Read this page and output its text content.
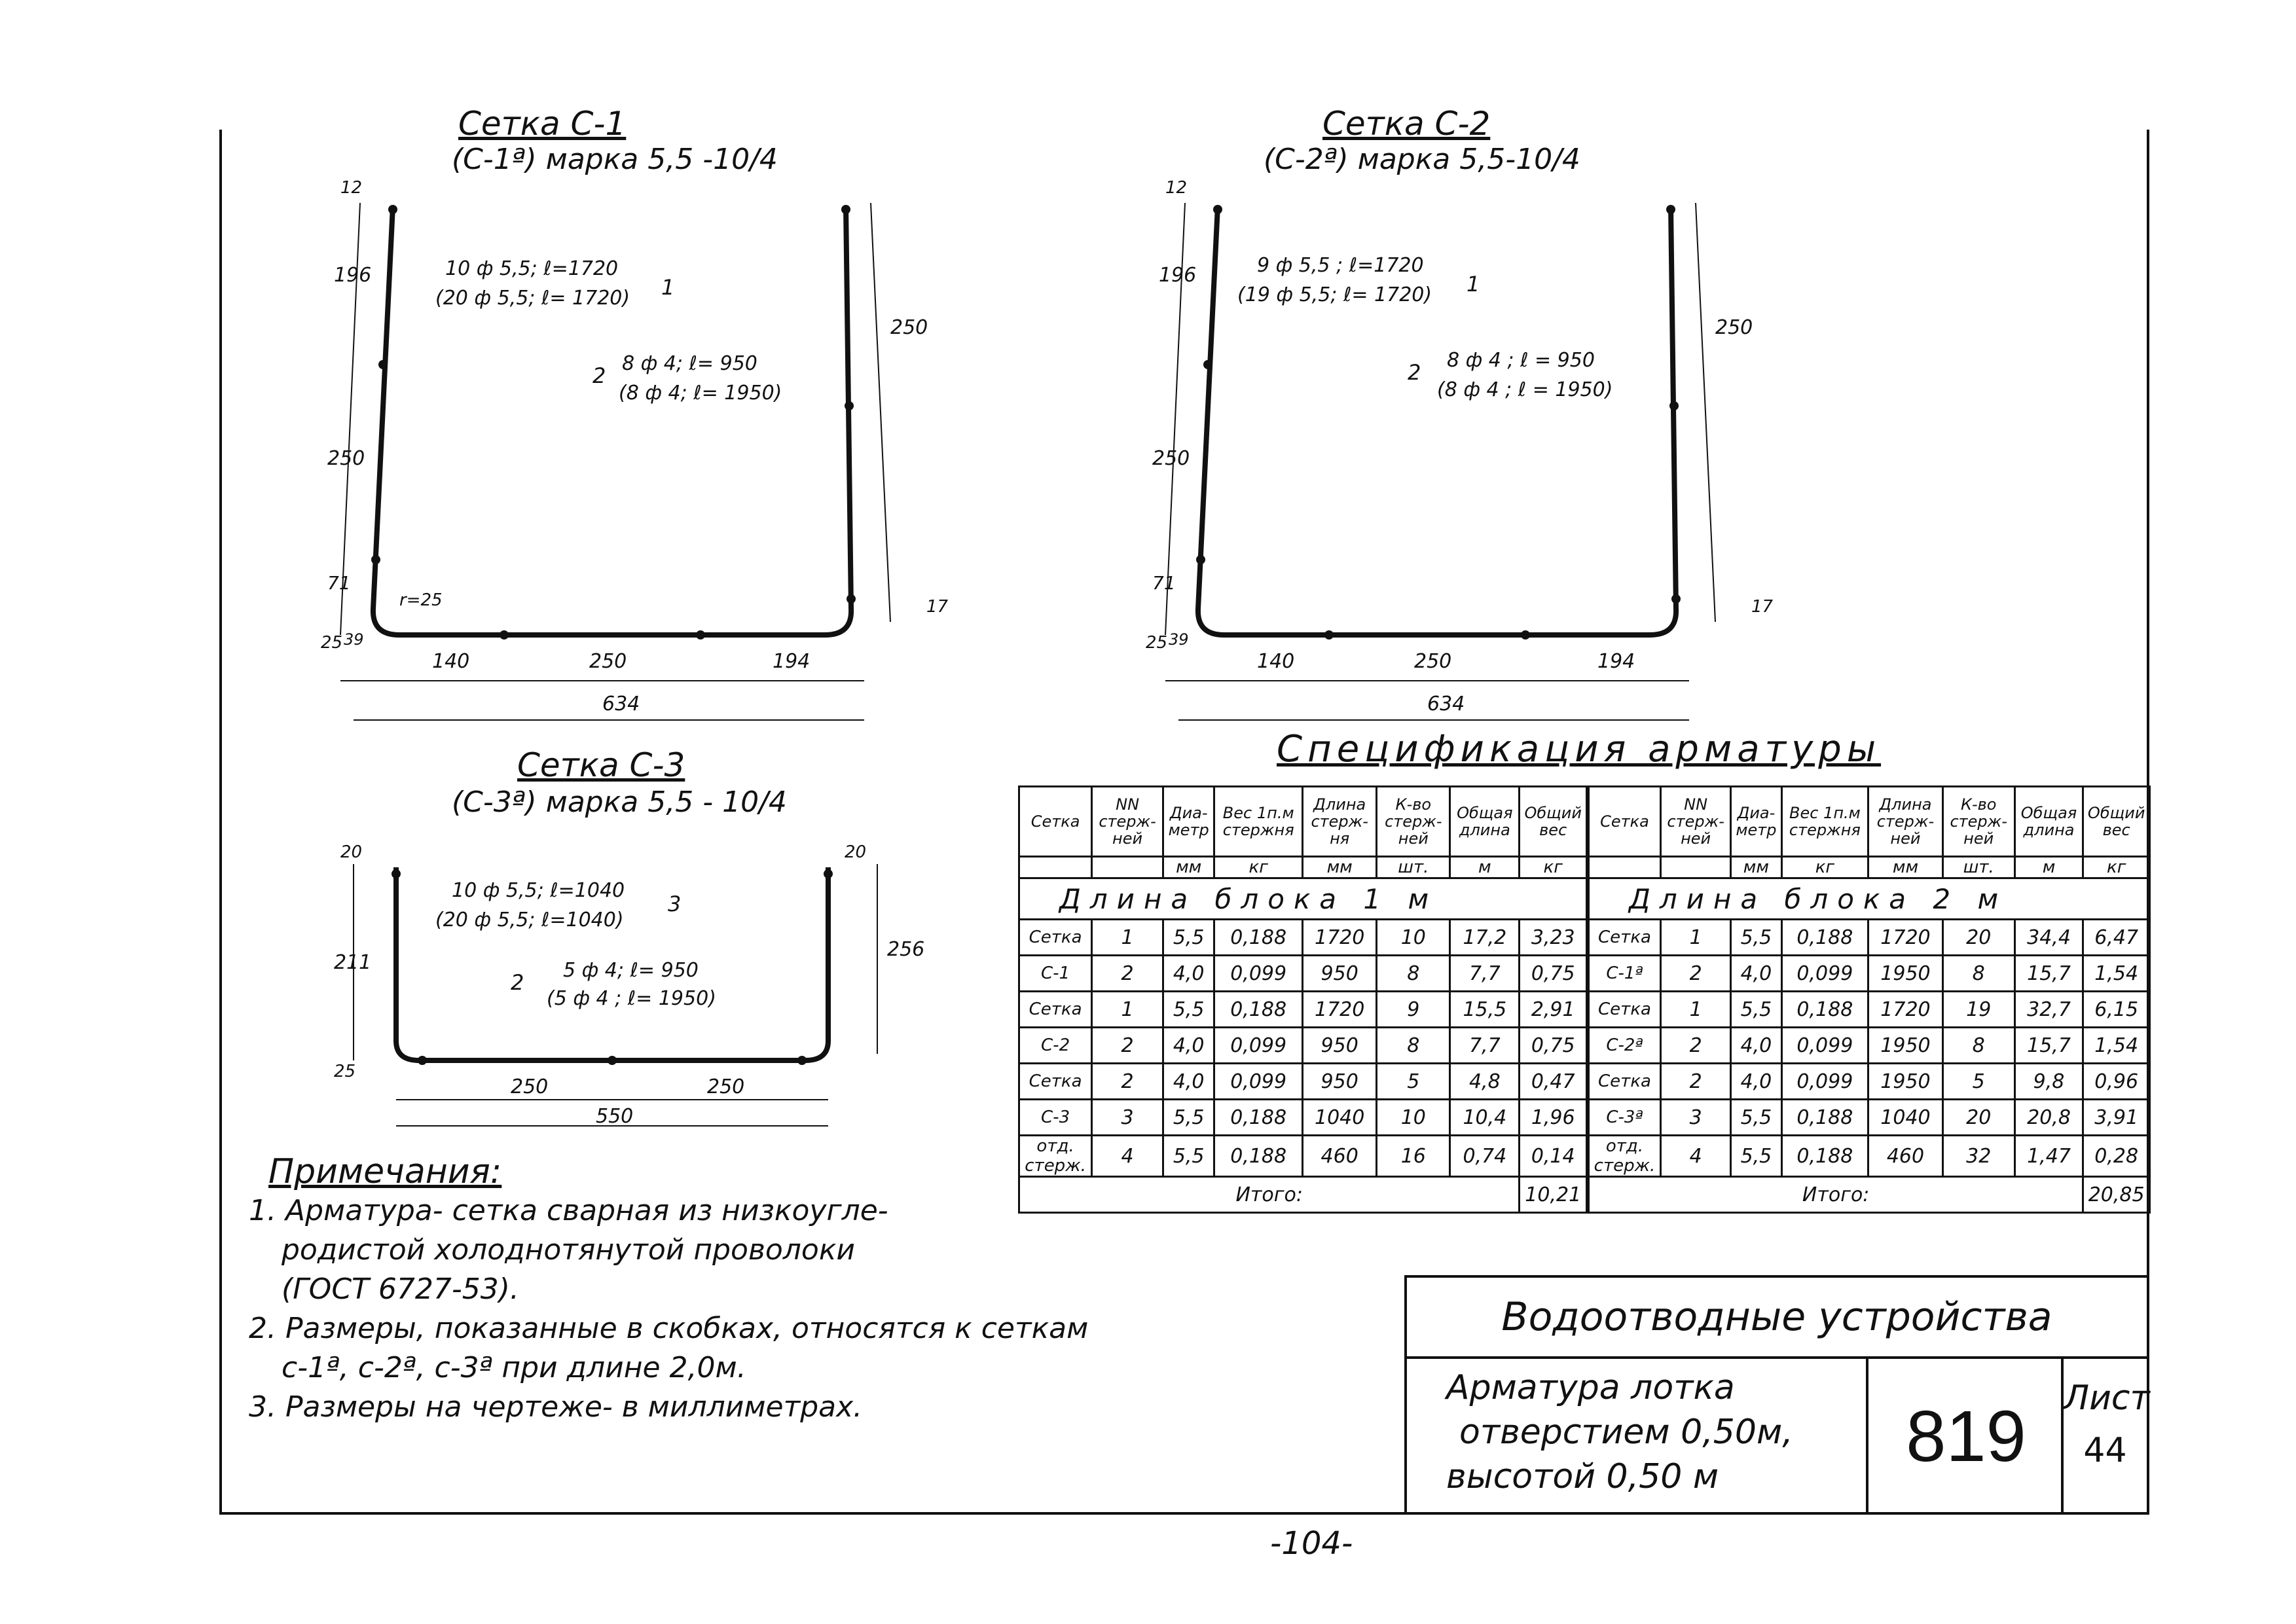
Сетка С-1
(С-1ª) марка 5,5 -10/4
12
196
250
71
25 39
140	250	194
634
r=25
250
17
10 ф 5,5; ℓ=1720
(20 ф 5,5; ℓ= 1720) 1
8 ф 4; ℓ= 950
(8 ф 4; ℓ= 1950)
2
Сетка С-2
(С-2ª) марка 5,5-10/4
12
196
250
71
25 39
140	250	194
634
250
17
9 ф 5,5 ; ℓ=1720
(19 ф 5,5; ℓ= 1720) 1
8 ф 4 ; ℓ = 950
(8 ф 4 ; ℓ = 1950)
2
Сетка С-3
(С-3ª) марка 5,5 - 10/4
20
211
25
250	250
550
20
256
10 ф 5,5; ℓ=1040
(20 ф 5,5; ℓ=1040)
3
5 ф 4; ℓ= 950
(5 ф 4 ; ℓ= 1950)
2
Спецификация арматуры
Сетка	NN стерж-ней	Диа-метр	Вес 1п.м стержня	Длина стерж-ня	К-во стерж-ней	Общая длина	Общий вес
		мм	кг	мм	шт.	м	кг
Длина блока 1 м							
Сетка	1	5,5	0,188	1720	10	17,2	3,23
С-1	2	4,0	0,099	950	8	7,7	0,75
Сетка	1	5,5	0,188	1720	9	15,5	2,91
С-2	2	4,0	0,099	950	8	7,7	0,75
Сетка	2	4,0	0,099	950	5	4,8	0,47
С-3	3	5,5	0,188	1040	10	10,4	1,96
отд. стерж.	4	5,5	0,188	460	16	0,74	0,14
Итого:							10,21
Сетка	NN стерж-ней	Диа-метр	Вес 1п.м стержня	Длина стерж-ней	К-во стерж-ней	Общая длина	Общий вес
		мм	кг	мм	шт.	м	кг
Длина блока 2 м							
Сетка	1	5,5	0,188	1720	20	34,4	6,47
С-1ª	2	4,0	0,099	1950	8	15,7	1,54
Сетка	1	5,5	0,188	1720	19	32,7	6,15
С-2ª	2	4,0	0,099	1950	8	15,7	1,54
Сетка	2	4,0	0,099	1950	5	9,8	0,96
С-3ª	3	5,5	0,188	1040	20	20,8	3,91
отд. стерж.	4	5,5	0,188	460	32	1,47	0,28
Итого:							20,85
Примечания:
1. Арматура- сетка сварная из низкоугле-
родистой холоднотянутой проволоки
(ГОСТ 6727-53).
2. Размеры, показанные в скобках, относятся к сеткам
с-1ª, с-2ª, с-3ª при длине 2,0м.
3. Размеры на чертеже- в миллиметрах.
Водоотводные устройства
Арматура лотка
отверстием 0,50м,
высотой 0,50 м	819	Лист
44
-104-
